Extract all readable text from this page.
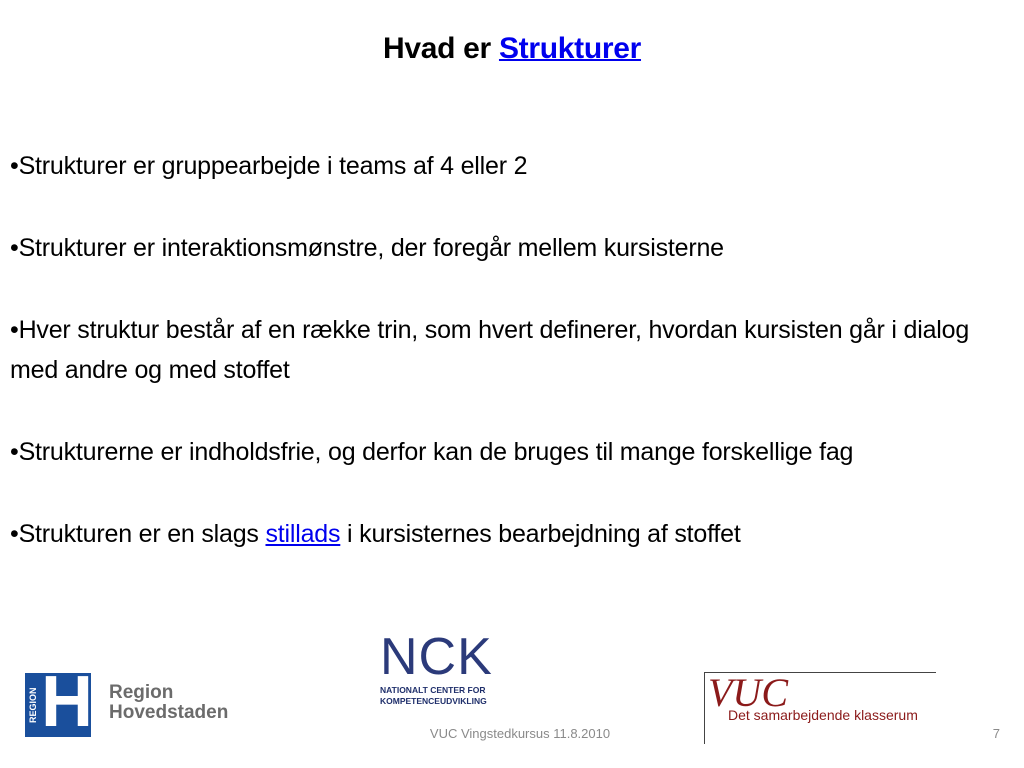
Hvad er Strukturer
•Strukturer er gruppearbejde i teams af 4 eller 2
•Strukturer er interaktionsmønstre, der foregår mellem kursisterne
•Hver struktur består af en række trin, som hvert definerer, hvordan kursisten går i dialog med andre og med stoffet
•Strukturerne er indholdsfrie, og derfor kan de bruges til mange forskellige fag
•Strukturen er en slags stillads i kursisternes bearbejdning af stoffet
REGION H Region
Hovedstaden
NCK
NATIONALT CENTER FOR
KOMPETENCEUDVIKLING	VUC
Det samarbejdende klasserum
VUC Vingstedkursus 11.8.2010	7
